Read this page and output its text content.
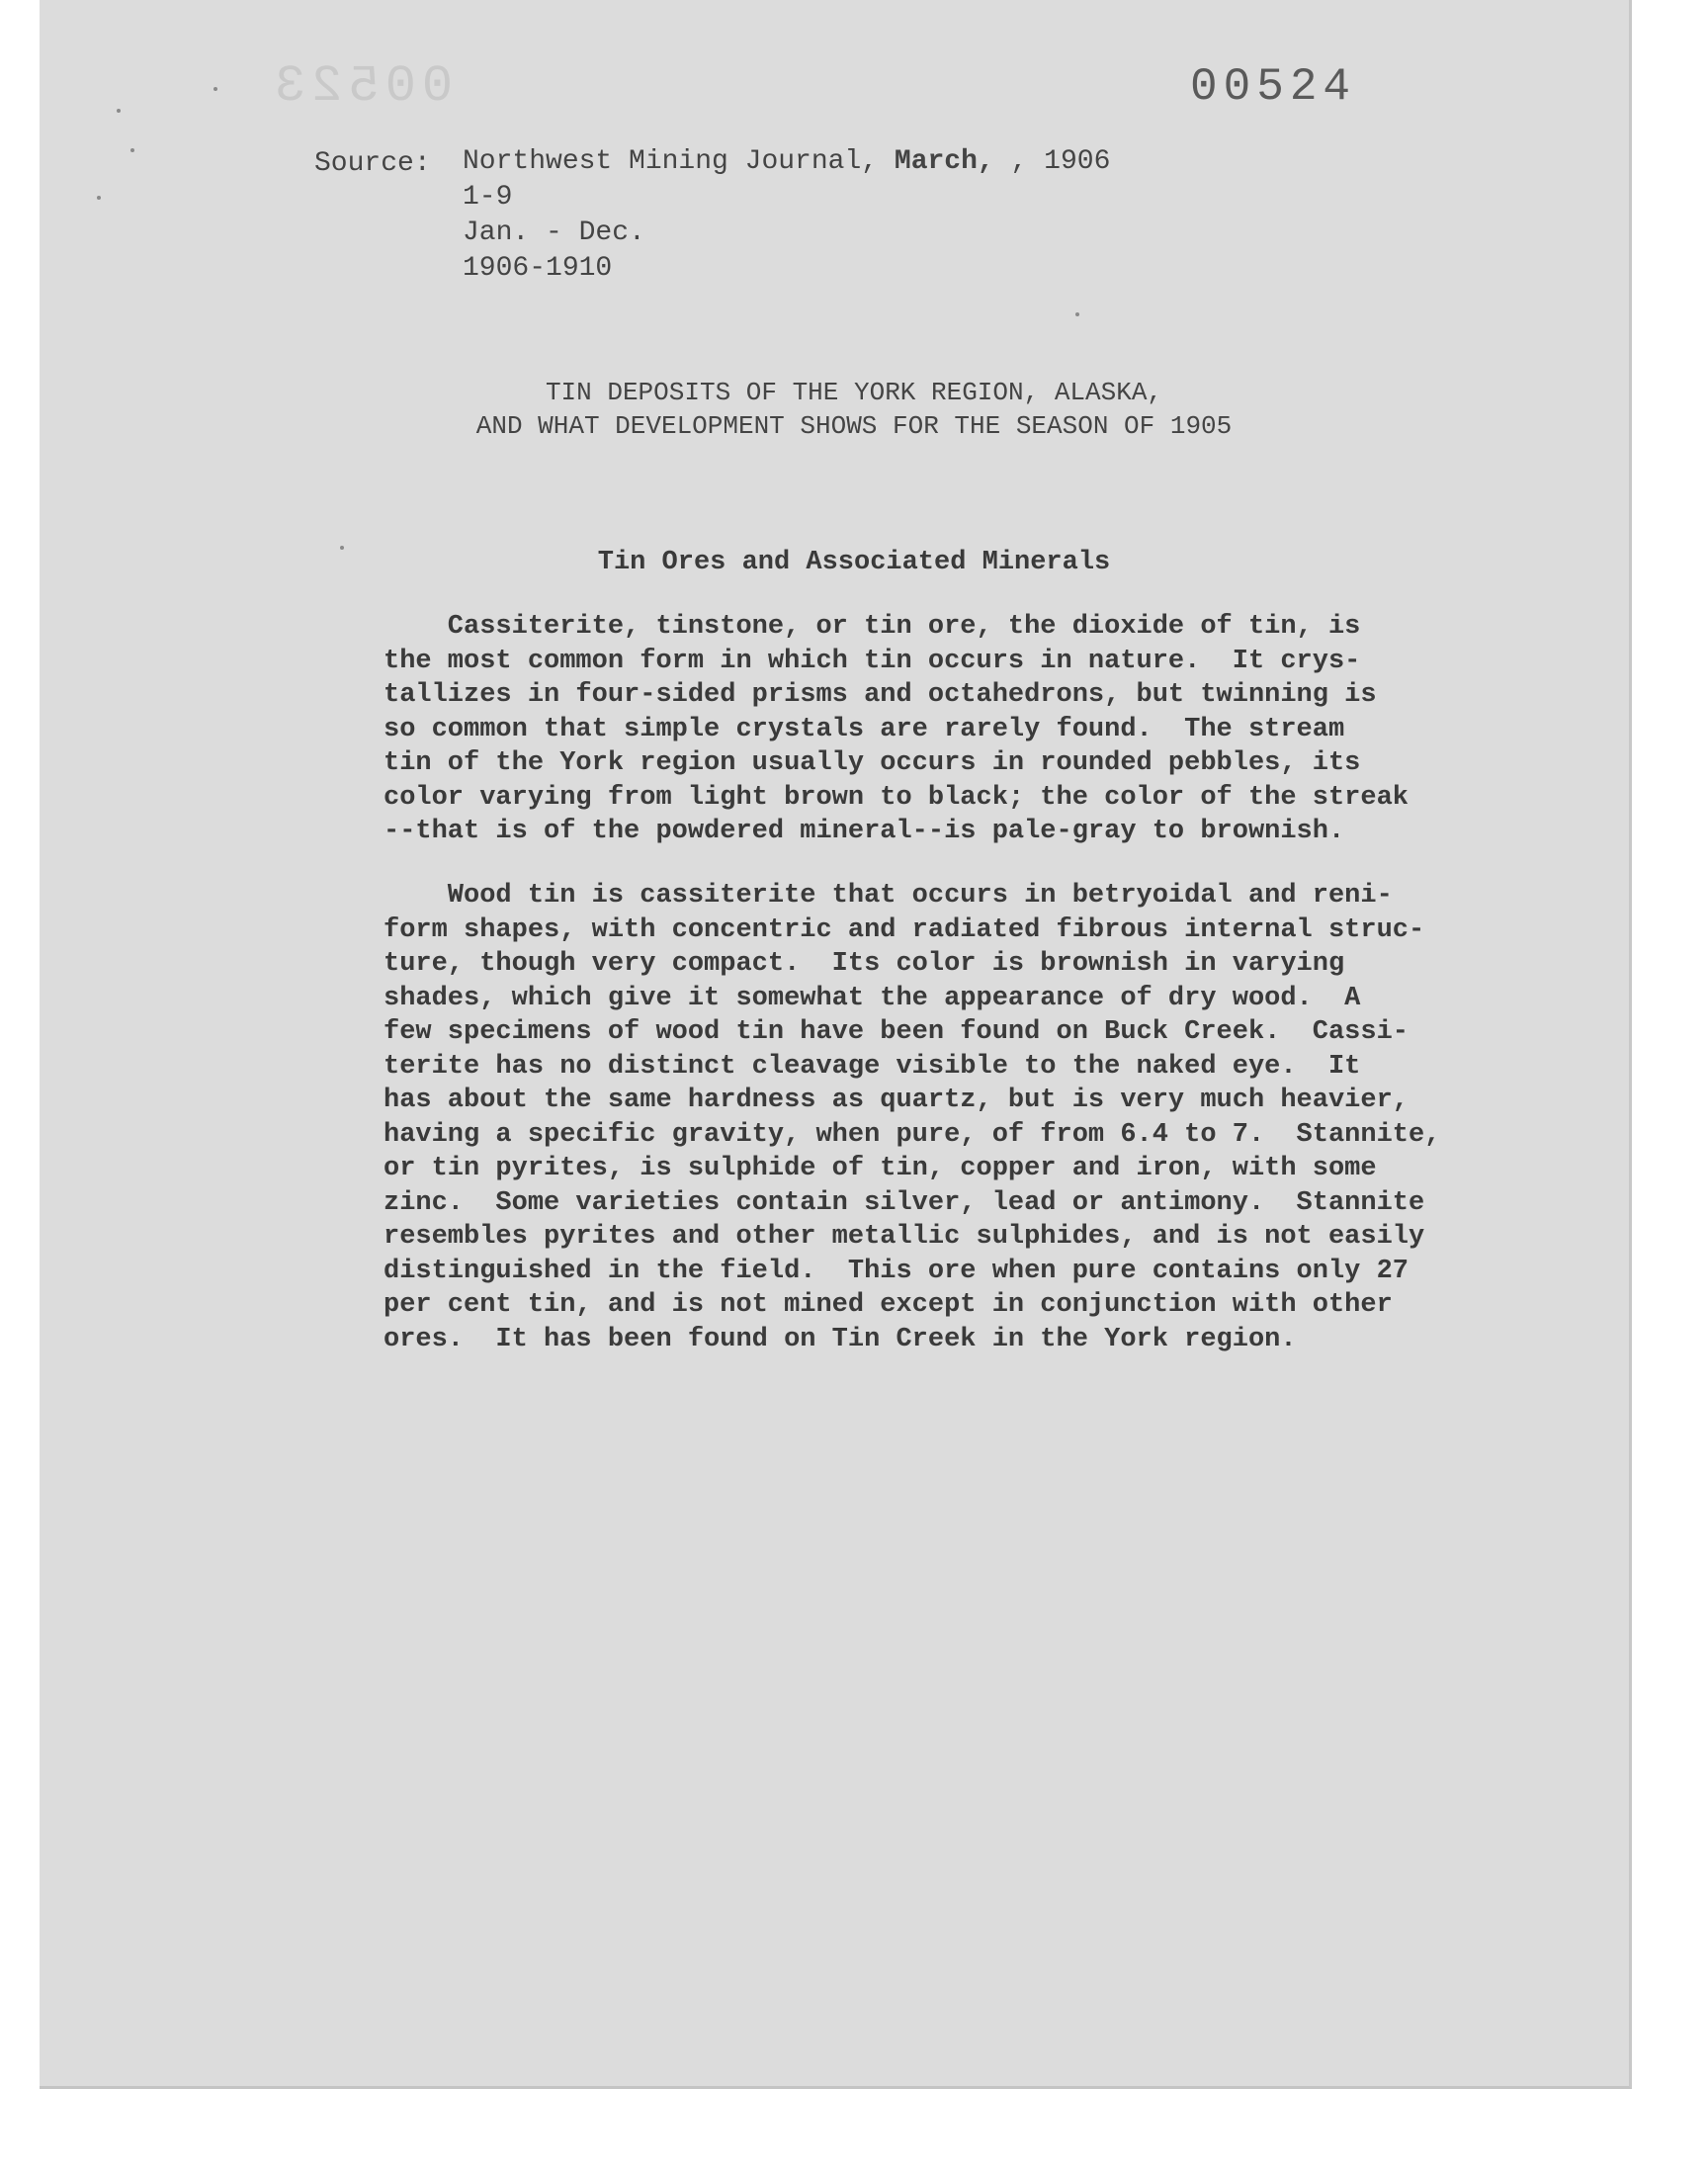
00523	00524
Source: Northwest Mining Journal, March, , 1906
1-9
Jan. - Dec.
1906-1910
TIN DEPOSITS OF THE YORK REGION, ALASKA,
AND WHAT DEVELOPMENT SHOWS FOR THE SEASON OF 1905
Tin Ores and Associated Minerals
Cassiterite, tinstone, or tin ore, the dioxide of tin, is
the most common form in which tin occurs in nature.  It crys-
tallizes in four-sided prisms and octahedrons, but twinning is
so common that simple crystals are rarely found.  The stream
tin of the York region usually occurs in rounded pebbles, its
color varying from light brown to black; the color of the streak
--that is of the powdered mineral--is pale-gray to brownish.
Wood tin is cassiterite that occurs in betryoidal and reni-
form shapes, with concentric and radiated fibrous internal struc-
ture, though very compact.  Its color is brownish in varying
shades, which give it somewhat the appearance of dry wood.  A
few specimens of wood tin have been found on Buck Creek.  Cassi-
terite has no distinct cleavage visible to the naked eye.  It
has about the same hardness as quartz, but is very much heavier,
having a specific gravity, when pure, of from 6.4 to 7.  Stannite,
or tin pyrites, is sulphide of tin, copper and iron, with some
zinc.  Some varieties contain silver, lead or antimony.  Stannite
resembles pyrites and other metallic sulphides, and is not easily
distinguished in the field.  This ore when pure contains only 27
per cent tin, and is not mined except in conjunction with other
ores.  It has been found on Tin Creek in the York region.
